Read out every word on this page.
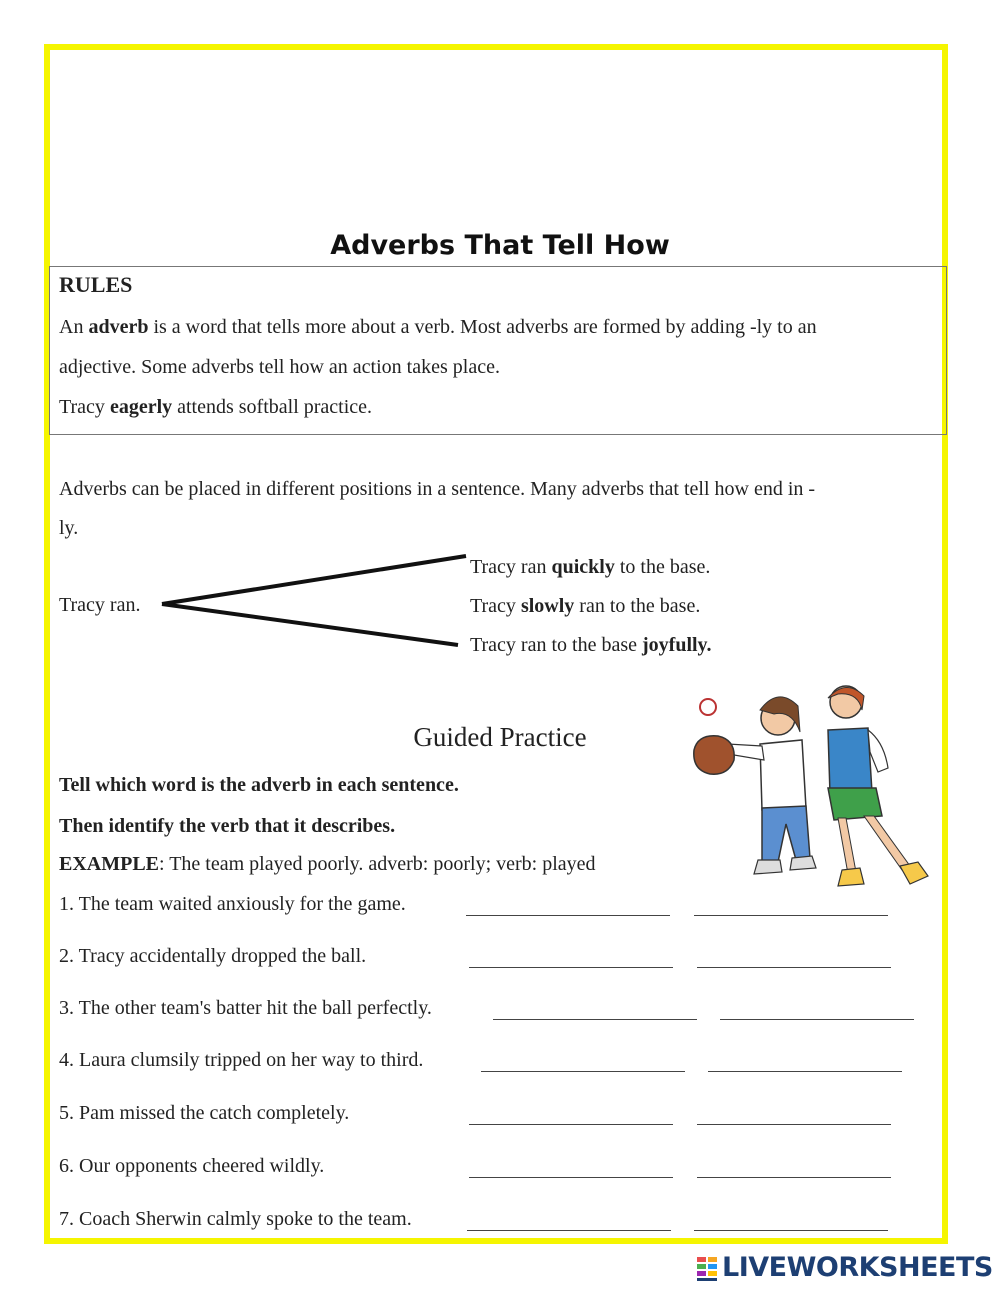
Adverbs That Tell How
RULES
An adverb is a word that tells more about a verb. Most adverbs are formed by adding -ly to an
adjective. Some adverbs tell how an action takes place.
Tracy eagerly attends softball practice.
Adverbs can be placed in different positions in a sentence. Many adverbs that tell how end in -
ly.
Tracy ran.
Tracy ran quickly to the base.
Tracy slowly ran to the base.
Tracy ran to the base joyfully.
Guided Practice
Tell which word is the adverb in each sentence.
Then identify the verb that it describes.
EXAMPLE: The team played poorly. adverb: poorly; verb: played
1. The team waited anxiously for the game.
2. Tracy accidentally dropped the ball.
3. The other team's batter hit the ball perfectly.
4. Laura clumsily tripped on her way to third.
5. Pam missed the catch completely.
6. Our opponents cheered wildly.
7. Coach Sherwin calmly spoke to the team.
LIVEWORKSHEETS
